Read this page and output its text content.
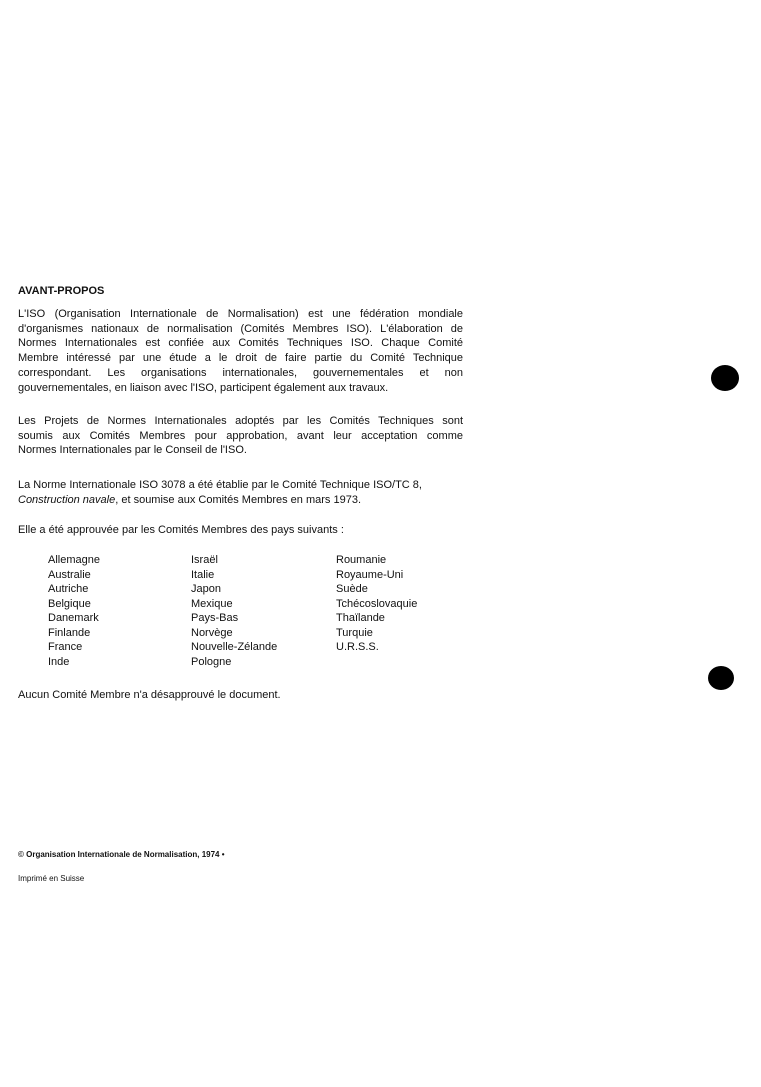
AVANT-PROPOS
L'ISO (Organisation Internationale de Normalisation) est une fédération mondiale
d'organismes nationaux de normalisation (Comités Membres ISO). L'élaboration de
Normes Internationales est confiée aux Comités Techniques ISO. Chaque Comité
Membre intéressé par une étude a le droit de faire partie du Comité Technique
correspondant. Les organisations internationales, gouvernementales et non
gouvernementales, en liaison avec l'ISO, participent également aux travaux.
Les Projets de Normes Internationales adoptés par les Comités Techniques sont
soumis aux Comités Membres pour approbation, avant leur acceptation comme
Normes Internationales par le Conseil de l'ISO.
La Norme Internationale ISO 3078 a été établie par le Comité Technique ISO/TC 8,
Construction navale, et soumise aux Comités Membres en mars 1973.
Elle a été approuvée par les Comités Membres des pays suivants :
Allemagne
Australie
Autriche
Belgique
Danemark
Finlande
France
Inde
Israël
Italie
Japon
Mexique
Pays-Bas
Norvège
Nouvelle-Zélande
Pologne
Roumanie
Royaume-Uni
Suède
Tchécoslovaquie
Thaïlande
Turquie
U.R.S.S.
Aucun Comité Membre n'a désapprouvé le document.
© Organisation Internationale de Normalisation, 1974 •
Imprimé en Suisse
